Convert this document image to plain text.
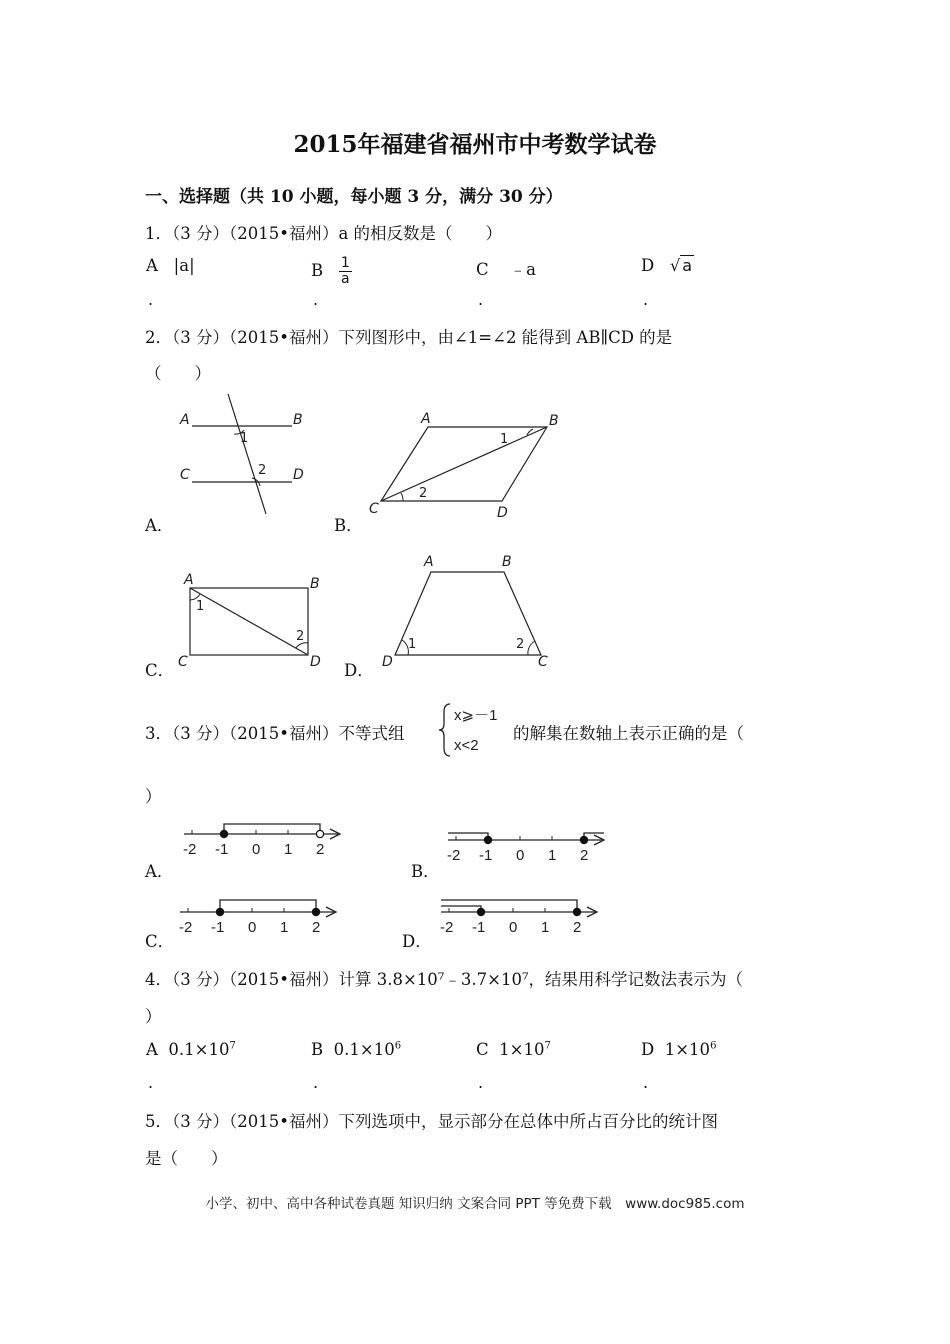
2015年福建省福州市中考数学试卷
一、选择题（共 10 小题，每小题 3 分，满分 30 分）
1．（3 分）（2015•福州）a 的相反数是（　　）
A |a|
.
B $\frac{1}{a}$
.
C ﹣a
.
D √ a
.
2．（3 分）（2015•福州）下列图形中，由∠1=∠2 能得到 AB∥CD 的是
（　　）
A	B
C	D
1
2
A．
A	B
C	D
1
2
B．
A	B
C	D
1
2
C．
A	B
D	C
1	2
D．
3．（3 分）（2015•福州）不等式组
x⩾－1
x<2
的解集在数轴上表示正确的是（
）
-2 -1 0 1 2
A．
-2 -1 0 1 2
B．
-2 -1 0 1 2
C．
-2 -1 0 1 2
D．
4．（3 分）（2015•福州）计算 3.8×10⁷﹣3.7×10⁷，结果用科学记数法表示为（
）
A $0.1\times 10^7$
.
B $0.1\times 10^6$
.
C $1\times 10^7$
.
D $1\times 10^6$
.
5．（3 分）（2015•福州）下列选项中，显示部分在总体中所占百分比的统计图
是（　　）
小学、初中、高中各种试卷真题 知识归纳 文案合同 PPT 等免费下载　www.doc985.com
